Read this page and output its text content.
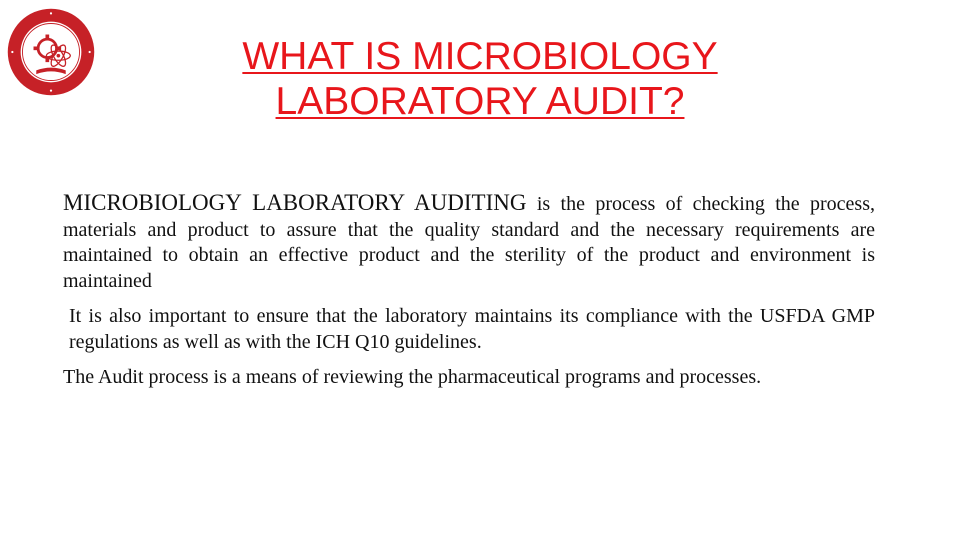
WHAT IS MICROBIOLOGY
LABORATORY AUDIT?

MICROBIOLOGY LABORATORY AUDITING is the process of checking the process, materials and product to assure that the quality standard and the necessary requirements are maintained to obtain an effective product and the sterility of the product and environment is maintained

It is also important to ensure that the laboratory maintains its compliance with the USFDA GMP regulations as well as with the ICH Q10 guidelines.

The Audit process is a means of reviewing the pharmaceutical programs and processes.
